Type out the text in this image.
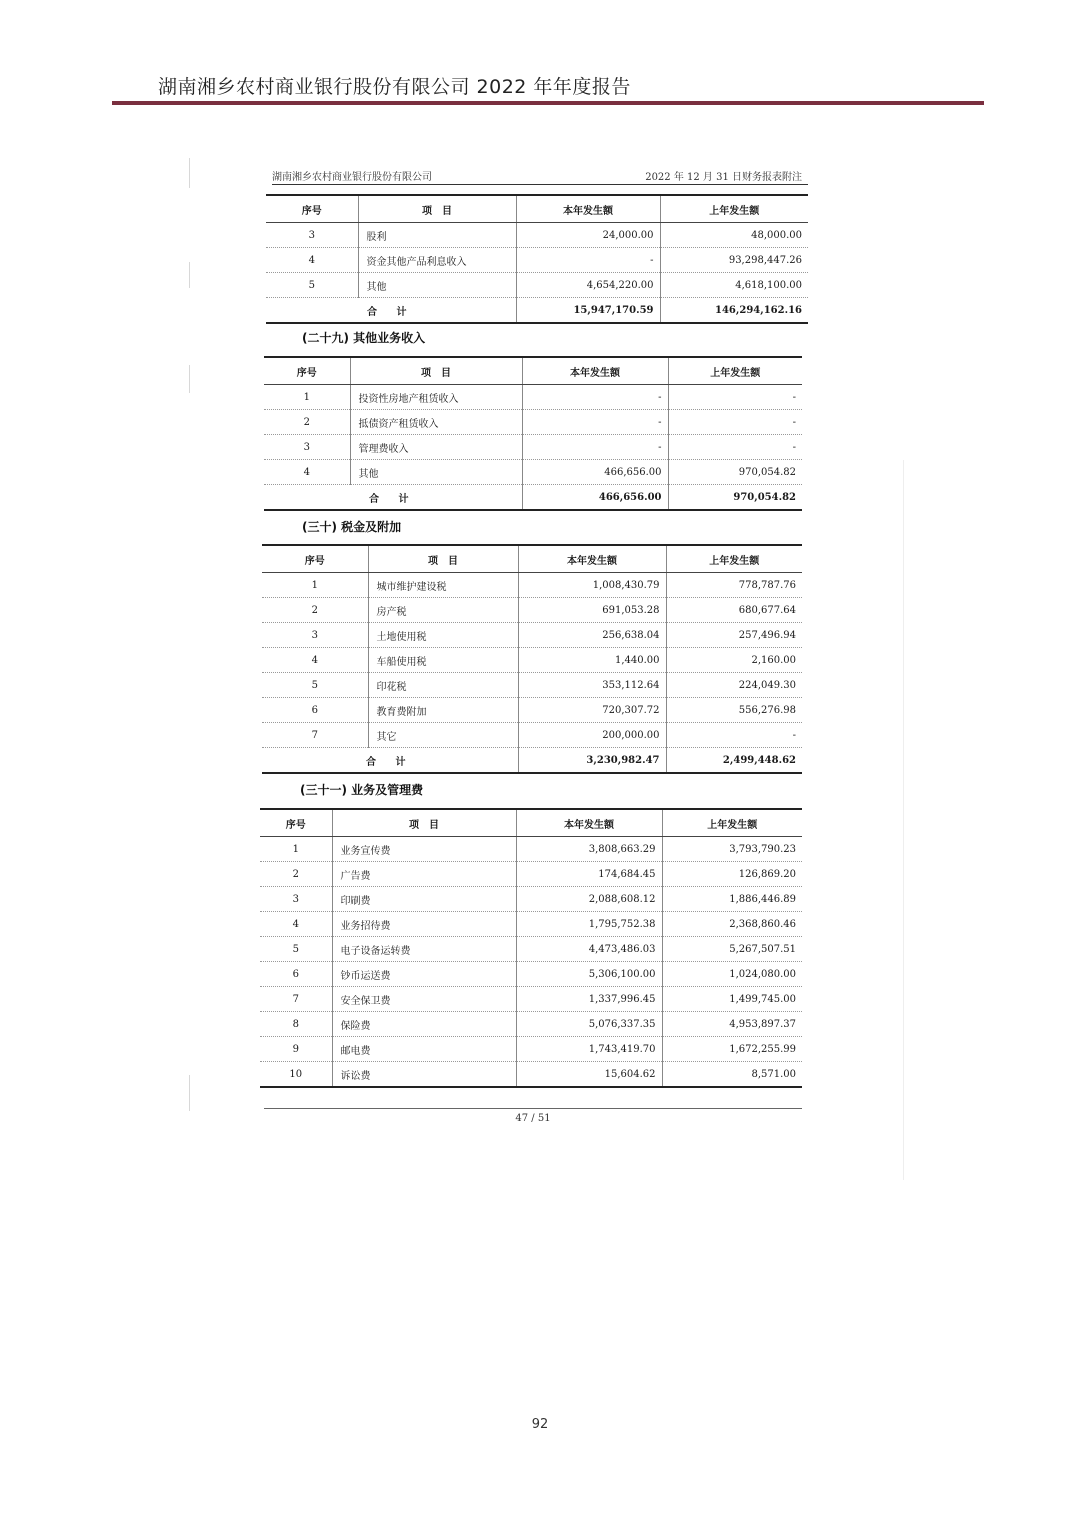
湖南湘乡农村商业银行股份有限公司 2022 年年度报告
湖南湘乡农村商业银行股份有限公司	2022 年 12 月 31 日财务报表附注
序号	项　目	本年发生额	上年发生额
3	股利	24,000.00	48,000.00
4	资金其他产品利息收入	-	93,298,447.26
5	其他	4,654,220.00	4,618,100.00
合 计		15,947,170.59	146,294,162.16
(二十九) 其他业务收入
序号	项　目	本年发生额	上年发生额
1	投资性房地产租赁收入	-	-
2	抵债资产租赁收入	-	-
3	管理费收入	-	-
4	其他	466,656.00	970,054.82
合 计		466,656.00	970,054.82
(三十) 税金及附加
序号	项　目	本年发生额	上年发生额
1	城市维护建设税	1,008,430.79	778,787.76
2	房产税	691,053.28	680,677.64
3	土地使用税	256,638.04	257,496.94
4	车船使用税	1,440.00	2,160.00
5	印花税	353,112.64	224,049.30
6	教育费附加	720,307.72	556,276.98
7	其它	200,000.00	-
合 计		3,230,982.47	2,499,448.62
(三十一) 业务及管理费
序号	项　目	本年发生额	上年发生额
1	业务宣传费	3,808,663.29	3,793,790.23
2	广告费	174,684.45	126,869.20
3	印刷费	2,088,608.12	1,886,446.89
4	业务招待费	1,795,752.38	2,368,860.46
5	电子设备运转费	4,473,486.03	5,267,507.51
6	钞币运送费	5,306,100.00	1,024,080.00
7	安全保卫费	1,337,996.45	1,499,745.00
8	保险费	5,076,337.35	4,953,897.37
9	邮电费	1,743,419.70	1,672,255.99
10	诉讼费	15,604.62	8,571.00
47 / 51
92
